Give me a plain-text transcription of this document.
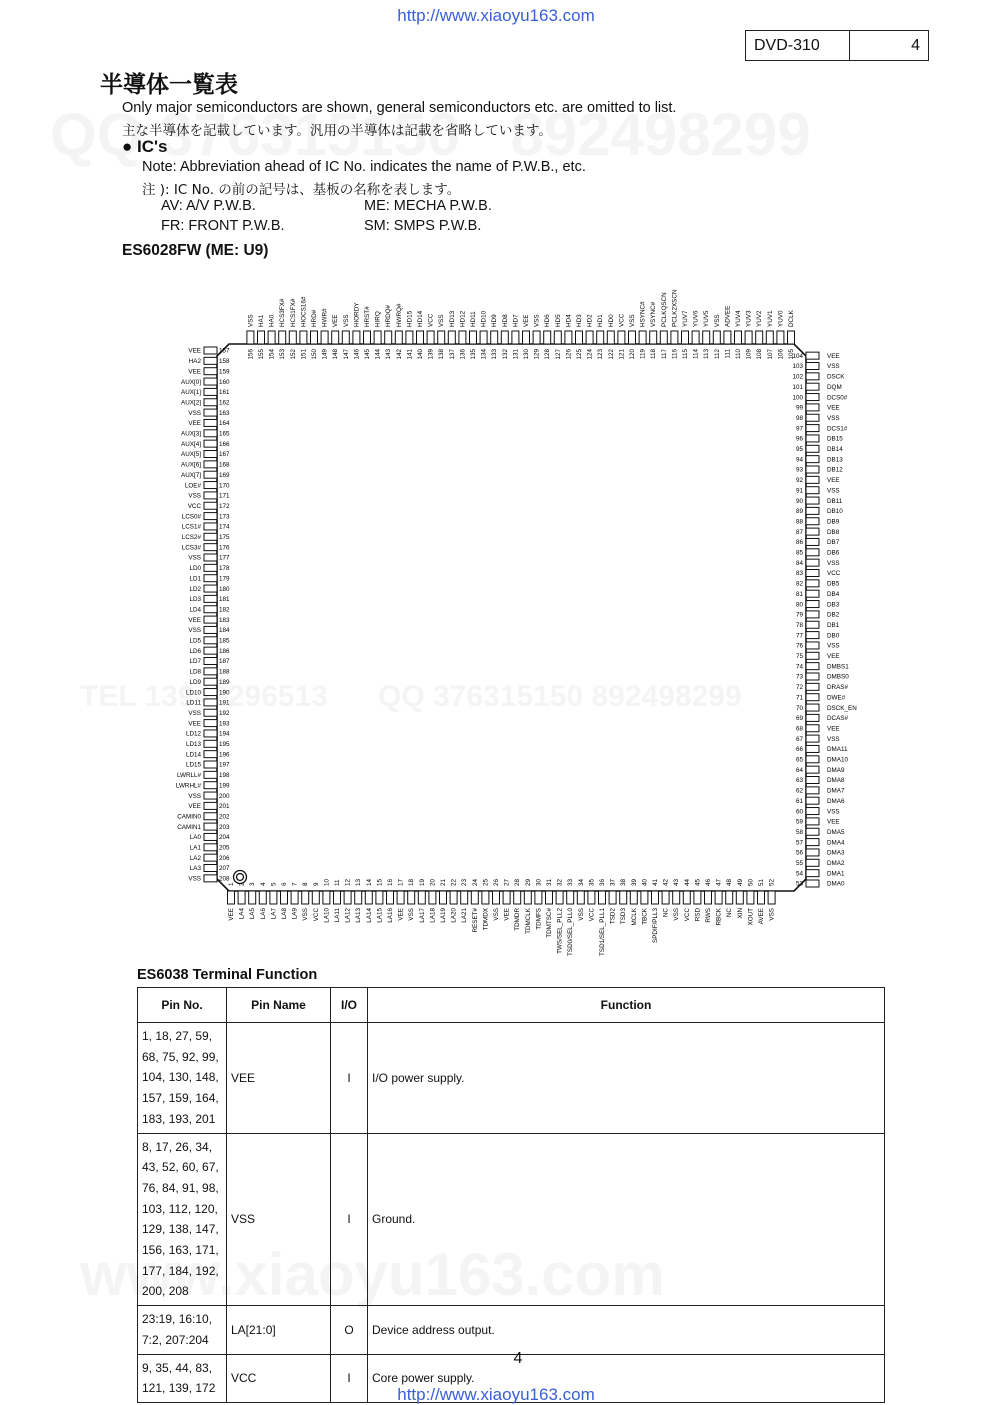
http://www.xiaoyu163.com
DVD-310	4
半導体一覧表
Only major semiconductors are shown, general semiconductors etc. are omitted to list.
主な半導体を記載しています。汎用の半導体は記載を省略しています。
● IC's
Note: Abbreviation ahead of IC No. indicates the name of P.W.B., etc.
注 ): IC No. の前の記号は、基板の名称を表します。
AV: A/V P.W.B.	ME: MECHA P.W.B.
FR: FRONT P.W.B.	SM: SMPS P.W.B.
ES6028FW (ME: U9)
1
VEE
2
LA4
3
LA5
4
LA6
5
LA7
6
LA8
7
LA9
8
VSS
9
VCC
10
LA10
11
LA11
12
LA12
13
LA13
14
LA14
15
LA15
16
LA16
17
VEE
18
VSS
19
LA17
20
LA18
21
LA19
22
LA20
23
LA21
24
RESET#
25
TDMDX
26
VSS
27
VEE
28
TDMDR
29
TDMCLK
30
TDMFS
31
TDMTSC#
32
TWS/SEL_PLL2
33
TSD0/SEL_PLL0
34
VSS
35
VCC
36
TSD1/SEL_PLL1
37
TSD2
38
TSD3
39
MCLK
40
TBCK
41
SPDIF/PLL3
42
NC
43
VSS
44
VCC
45
RSD
46
RWS
47
RBCK
48
NC
49
XIN
50
XOUT
51
AVEE
52
VSS
53	DMA0
54	DMA1
55	DMA2
56	DMA3
57	DMA4
58	DMA5
59	VEE
60	VSS
61	DMA6
62	DMA7
63	DMA8
64	DMA9
65	DMA10
66	DMA11
67	VSS
68	VEE
69	DCAS#
70	DSCK_EN
71	DWE#
72	DRAS#
73	DMBS0
74	DMBS1
75	VEE
76	VSS
77	DB0
78	DB1
79	DB2
80	DB3
81	DB4
82	DB5
83	VCC
84	VSS
85	DB6
86	DB7
87	DB8
88	DB9
89	DB10
90	DB11
91	VSS
92	VEE
93	DB12
94	DB13
95	DB14
96	DB15
97	DCS1#
98	VSS
99	VEE
100	DCS0#
101	DQM
102	DSCK
103	VSS
104	VEE
105
DCLK
106
YUV0
107
YUV1
108
YUV2
109
YUV3
110
YUV4
111
ADVEE
112
VSS
113
YUV5
114
YUV6
115
YUV7
116
PCLK2XSCN
117
PCLKQSCN
118
VSYNC#
119
HSYNC#
120
VSS
121
VCC
122
HD0
123
HD1
124
HD2
125
HD3
126
HD4
127
HD5
128
HD6
129
VSS
130
VEE
131
HD7
132
HD8
133
HD9
134
HD10
135
HD11
136
HD12
137
HD13
138
VSS
139
VCC
140
HD14
141
HD15
142
HWRQ#
143
HRDQ#
144
HIRQ
145
HRST#
146
HIORDY
147
VSS
148
VEE
149
HWR#
150
HRD#
151
HIOCS16#
152
HCS1FX#
153
HCS3FX#
154
HA0
155
HA1
156
VSS
157
VEE
158
HA2
159
VEE
160
AUX[0]
161
AUX[1]
162
AUX[2]
163
VSS
164
VEE
165
AUX[3]
166
AUX[4]
167
AUX[5]
168
AUX[6]
169
AUX[7]
170
LOE#
171
VSS
172
VCC
173
LCS0#
174
LCS1#
175
LCS2#
176
LCS3#
177
VSS
178
LD0
179
LD1
180
LD2
181
LD3
182
LD4
183
VEE
184
VSS
185
LD5
186
LD6
187
LD7
188
LD8
189
LD9
190
LD10
191
LD11
192
VSS
193
VEE
194
LD12
195
LD13
196
LD14
197
LD15
198
LWRLL#
199
LWRHL#
200
VSS
201
VEE
202
CAMIN0
203
CAMIN1
204
LA0
205
LA1
206
LA2
207
LA3
208
VSS
ES6038 Terminal Function
Pin No.	Pin Name	I/O	Function
1, 18, 27, 59, 68, 75, 92, 99, 104, 130, 148, 157, 159, 164, 183, 193, 201	VEE	I	I/O power supply.
8, 17, 26, 34, 43, 52, 60, 67, 76, 84, 91, 98, 103, 112, 120, 129, 138, 147, 156, 163, 171, 177, 184, 192, 200, 208	VSS	I	Ground.
23:19, 16:10, 7:2, 207:204	LA[21:0]	O	Device address output.
9, 35, 44, 83, 121, 139, 172	VCC	I	Core power supply.
4
http://www.xiaoyu163.com
